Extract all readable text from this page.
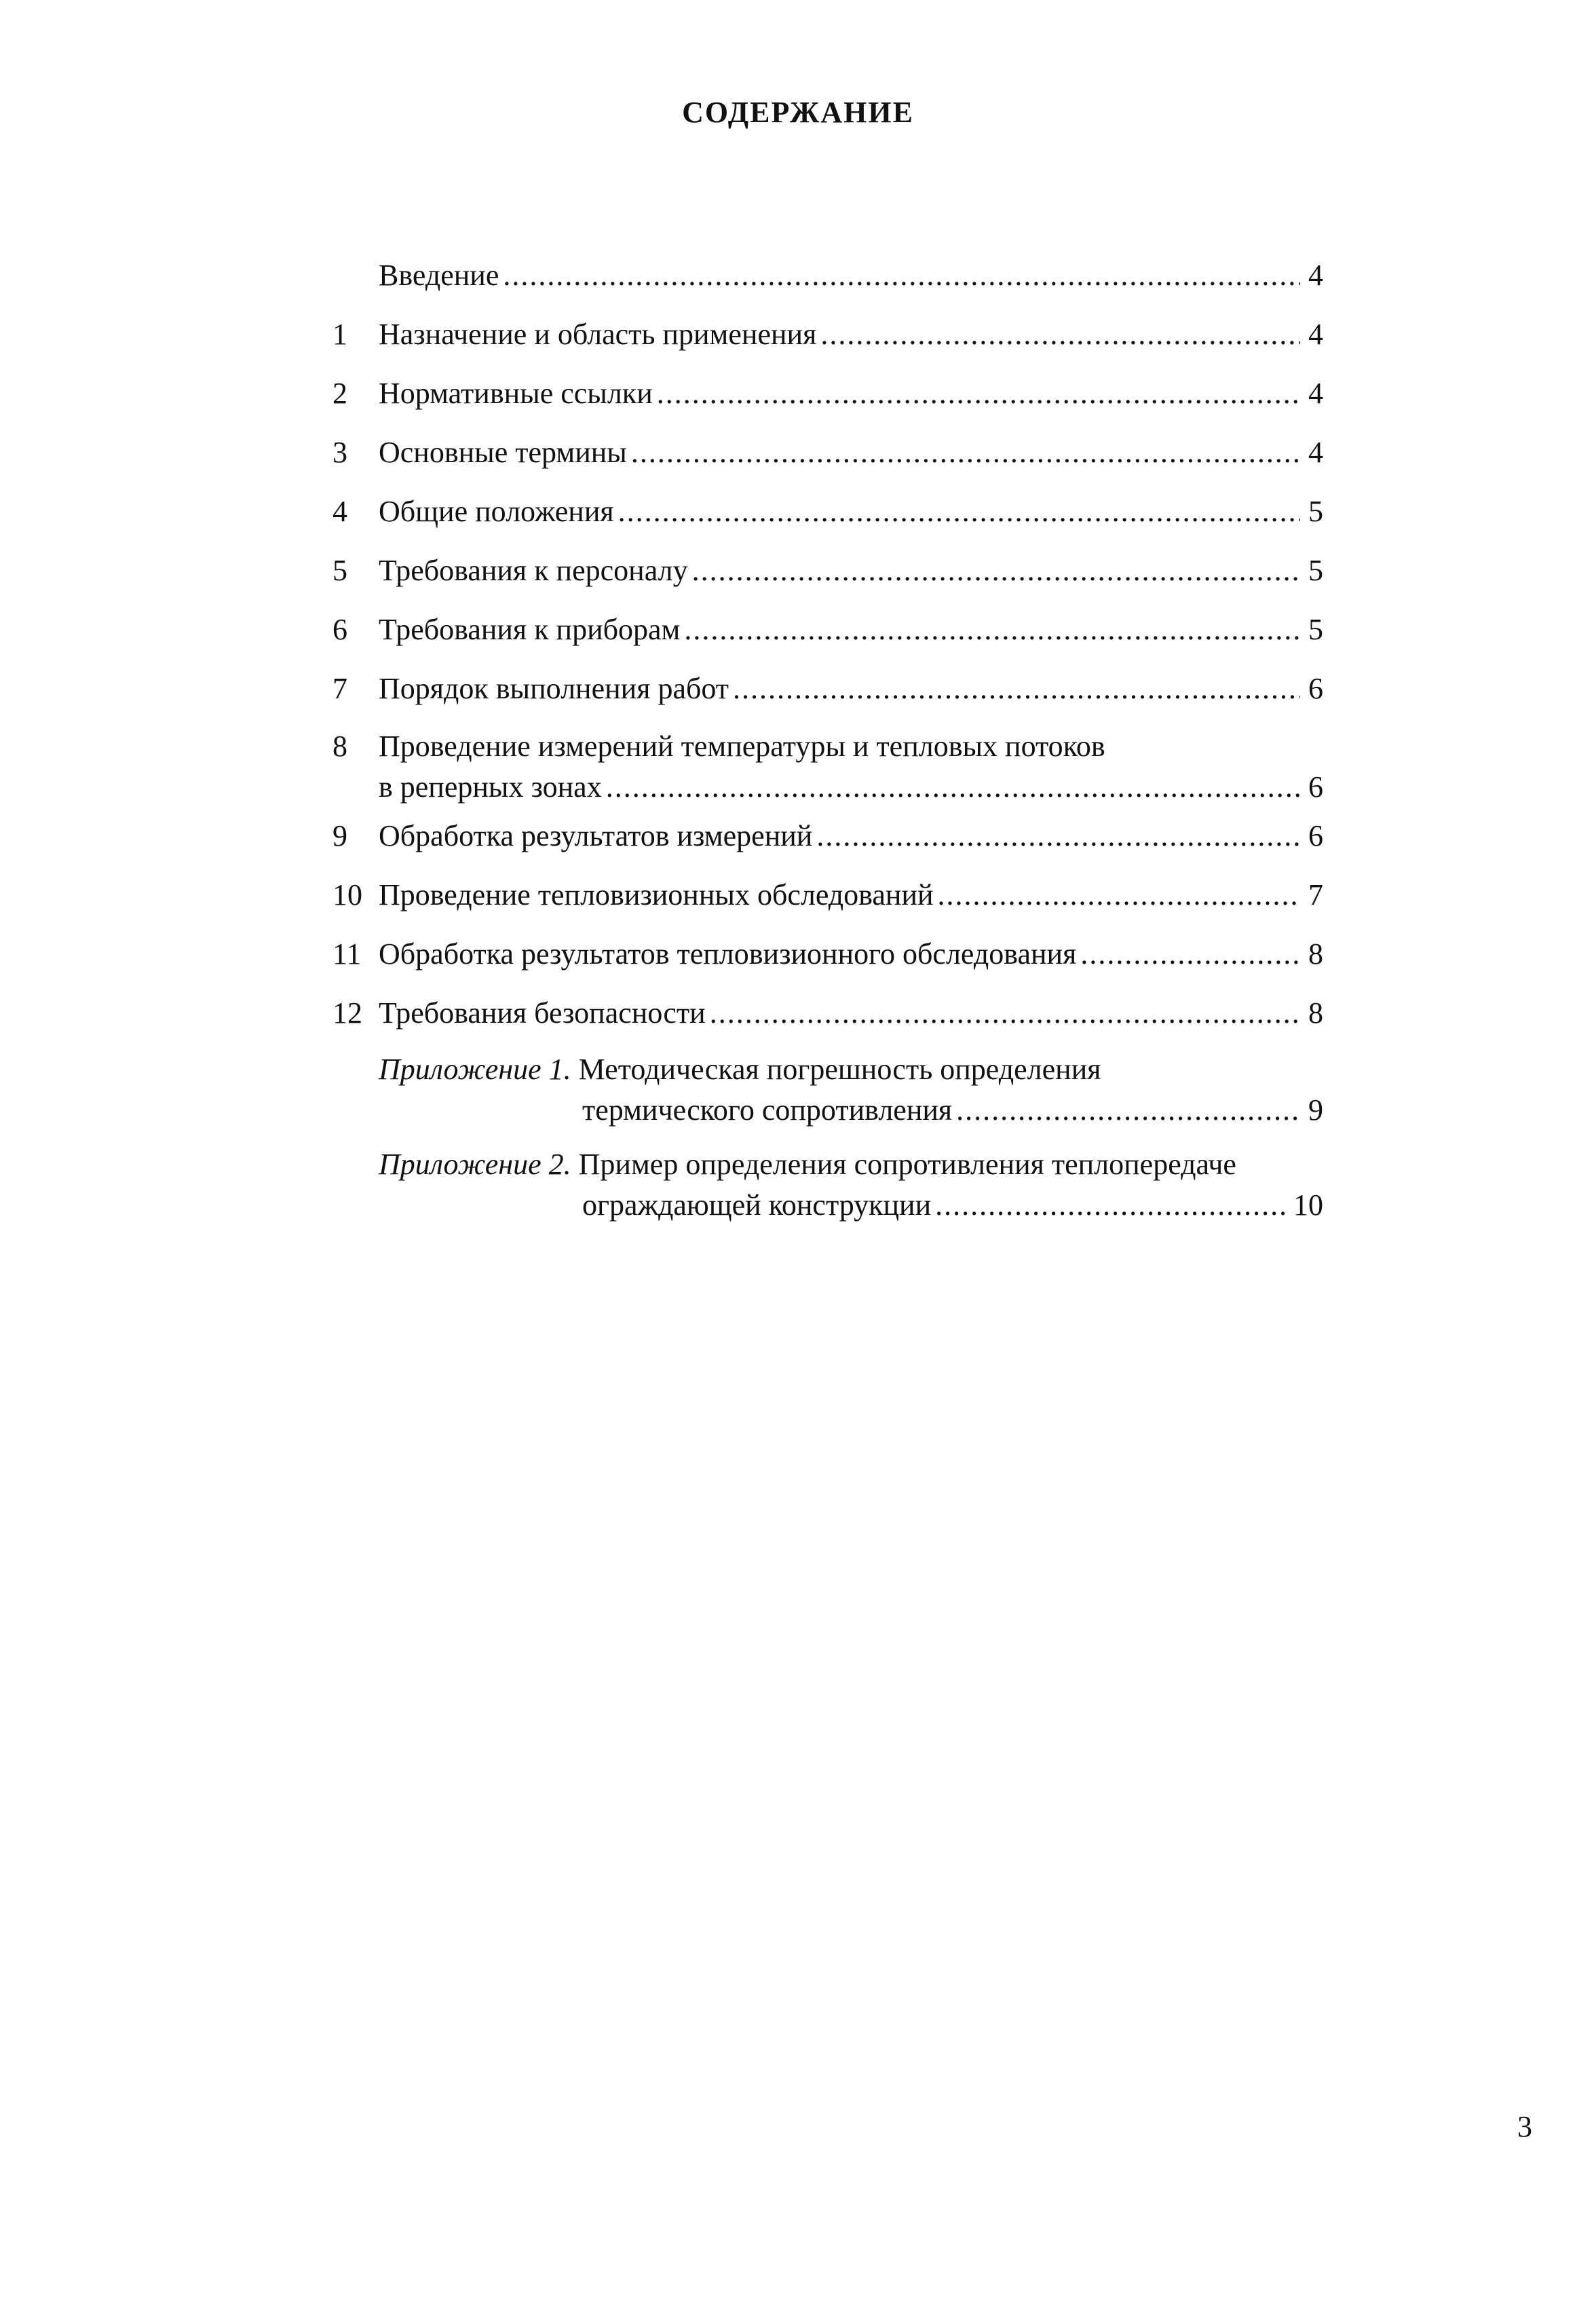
СОДЕРЖАНИЕ
Введение .....	4
1	Назначение и область применения .....	4
2	Нормативные ссылки .....	4
3	Основные термины .....	4
4	Общие положения .....	5
5	Требования к персоналу .....	5
6	Требования к приборам .....	5
7	Порядок выполнения работ .....	6
8	Проведение измерений температуры и тепловых потоков
в реперных зонах .....	6
9	Обработка результатов измерений .....	6
10 Проведение тепловизионных обследований .....	7
11 Обработка результатов тепловизионного обследования .....	8
12 Требования безопасности .....	8
Приложение 1. Методическая погрешность определения
термического сопротивления .....	9
Приложение 2. Пример определения сопротивления теплопередаче
ограждающей конструкции .....	10
3
